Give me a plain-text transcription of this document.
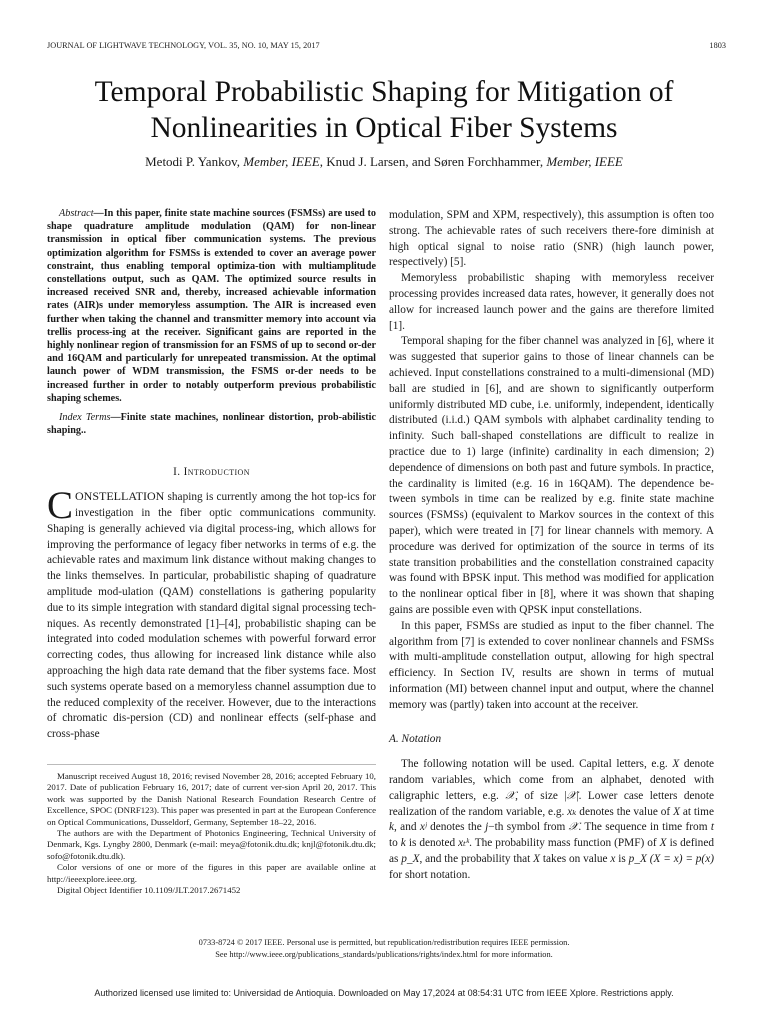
JOURNAL OF LIGHTWAVE TECHNOLOGY, VOL. 35, NO. 10, MAY 15, 2017	1803
Temporal Probabilistic Shaping for Mitigation of
Nonlinearities in Optical Fiber Systems
Metodi P. Yankov, Member, IEEE, Knud J. Larsen, and Søren Forchhammer, Member, IEEE

Abstract—In this paper, finite state machine sources (FSMSs) are used to shape quadrature amplitude modulation (QAM) for non-linear transmission in optical fiber communication systems. The previous optimization algorithm for FSMSs is extended to cover an average power constraint, thus enabling temporal optimiza-tion with multiamplitude constellations output, such as QAM. The optimized source results in increased received SNR and, thereby, increased achievable information rates (AIR)s under memoryless assumption. The AIR is increased even further when taking the channel and transmitter memory into account via trellis process-ing at the receiver. Significant gains are reported in the highly nonlinear region of transmission for an FSMS of up to second or-der and 16QAM and particularly for unrepeated transmission. At the optimal launch power of WDM transmission, the FSMS or-der needs to be increased further in order to notably outperform previous probabilistic shaping schemes.

Index Terms—Finite state machines, nonlinear distortion, prob-abilistic shaping..

I. Introduction

CONSTELLATION shaping is currently among the hot top-ics for investigation in the fiber optic communications community. Shaping is generally achieved via digital process-ing, which allows for improving the performance of legacy fiber networks in terms of e.g. the achievable rates and maximum link distance without making changes to the links themselves. In particular, probabilistic shaping of quadrature amplitude mod-ulation (QAM) constellations is gathering popularity due to its simple integration with standard digital signal processing tech-niques. As recently demonstrated [1]–[4], probabilistic shaping can be integrated into coded modulation schemes with powerful forward error correcting codes, thus allowing for increased link distance while also approaching the high data rate demand that the fiber systems face. Most such systems operate based on a memoryless channel assumption due to the reduced complexity of the receiver. However, due to the interactions of chromatic dis-persion (CD) and nonlinear effects (self-phase and cross-phase

Manuscript received August 18, 2016; revised November 28, 2016; accepted February 10, 2017. Date of publication February 16, 2017; date of current ver-sion April 20, 2017. This work was supported by the Danish National Research Foundation Research Centre of Excellence, SPOC (DNRF123). This paper was presented in part at the European Conference on Optical Communications, Dusseldorf, Germany, September 18–22, 2016.

The authors are with the Department of Photonics Engineering, Technical University of Denmark, Kgs. Lyngby 2800, Denmark (e-mail: meya@fotonik.dtu.dk; knjl@fotonik.dtu.dk; sofo@fotonik.dtu.dk).

Color versions of one or more of the figures in this paper are available online at http://ieeexplore.ieee.org.

Digital Object Identifier 10.1109/JLT.2017.2671452

modulation, SPM and XPM, respectively), this assumption is often too strong. The achievable rates of such receivers there-fore diminish at high optical signal to noise ratio (SNR) (high launch power, respectively) [5].

Memoryless probabilistic shaping with memoryless receiver processing provides increased data rates, however, it generally does not allow for increased launch power and the gains are therefore limited [1].

Temporal shaping for the fiber channel was analyzed in [6], where it was suggested that superior gains to those of linear channels can be achieved. Input constellations constrained to a multi-dimensional (MD) ball are studied in [6], and are shown to significantly outperform uniformly distributed MD cube, i.e. uniformly, independent, identically distributed (i.i.d.) QAM symbols with alphabet cardinality tending to infinity. Such ball-shaped constellations are difficult to realize in practice due to 1) large (infinite) cardinality in each dimension; 2) dependence of dimensions on both past and future symbols. In practice, the cardinality is limited (e.g. 16 in 16QAM). The dependence be-tween symbols in time can be realized by e.g. finite state machine sources (FSMSs) (equivalent to Markov sources in the context of this paper), which were treated in [7] for linear channels with memory. A procedure was derived for optimization of the source in terms of its state transition probabilities and the constellation constrained capacity was found with BPSK input. This method was modified for application to the nonlinear optical fiber in [8], where it was shown that shaping gains are possible even with QPSK input constellations.

In this paper, FSMSs are studied as input to the fiber channel. The algorithm from [7] is extended to cover nonlinear channels and FSMSs with multi-amplitude constellation output, allowing for high spectral efficiency. In Section IV, results are shown in terms of mutual information (MI) between channel input and output, where the channel memory was (partly) taken into account at the receiver.

A. Notation

The following notation will be used. Capital letters, e.g. X denote random variables, which come from an alphabet, denoted with caligraphic letters, e.g. 𝒳, of size |𝒳|. Lower case letters denote realization of the random variable, e.g. xₖ denotes the value of X at time k, and xʲ denotes the j−th symbol from 𝒳. The sequence in time from t to k is denoted xₜᵏ. The probability mass function (PMF) of X is defined as p_X, and the probability that X takes on value x is p_X (X = x) = p(x) for short notation.

0733-8724 © 2017 IEEE. Personal use is permitted, but republication/redistribution requires IEEE permission.
See http://www.ieee.org/publications_standards/publications/rights/index.html for more information.
Authorized licensed use limited to: Universidad de Antioquia. Downloaded on May 17,2024 at 08:54:31 UTC from IEEE Xplore. Restrictions apply.
